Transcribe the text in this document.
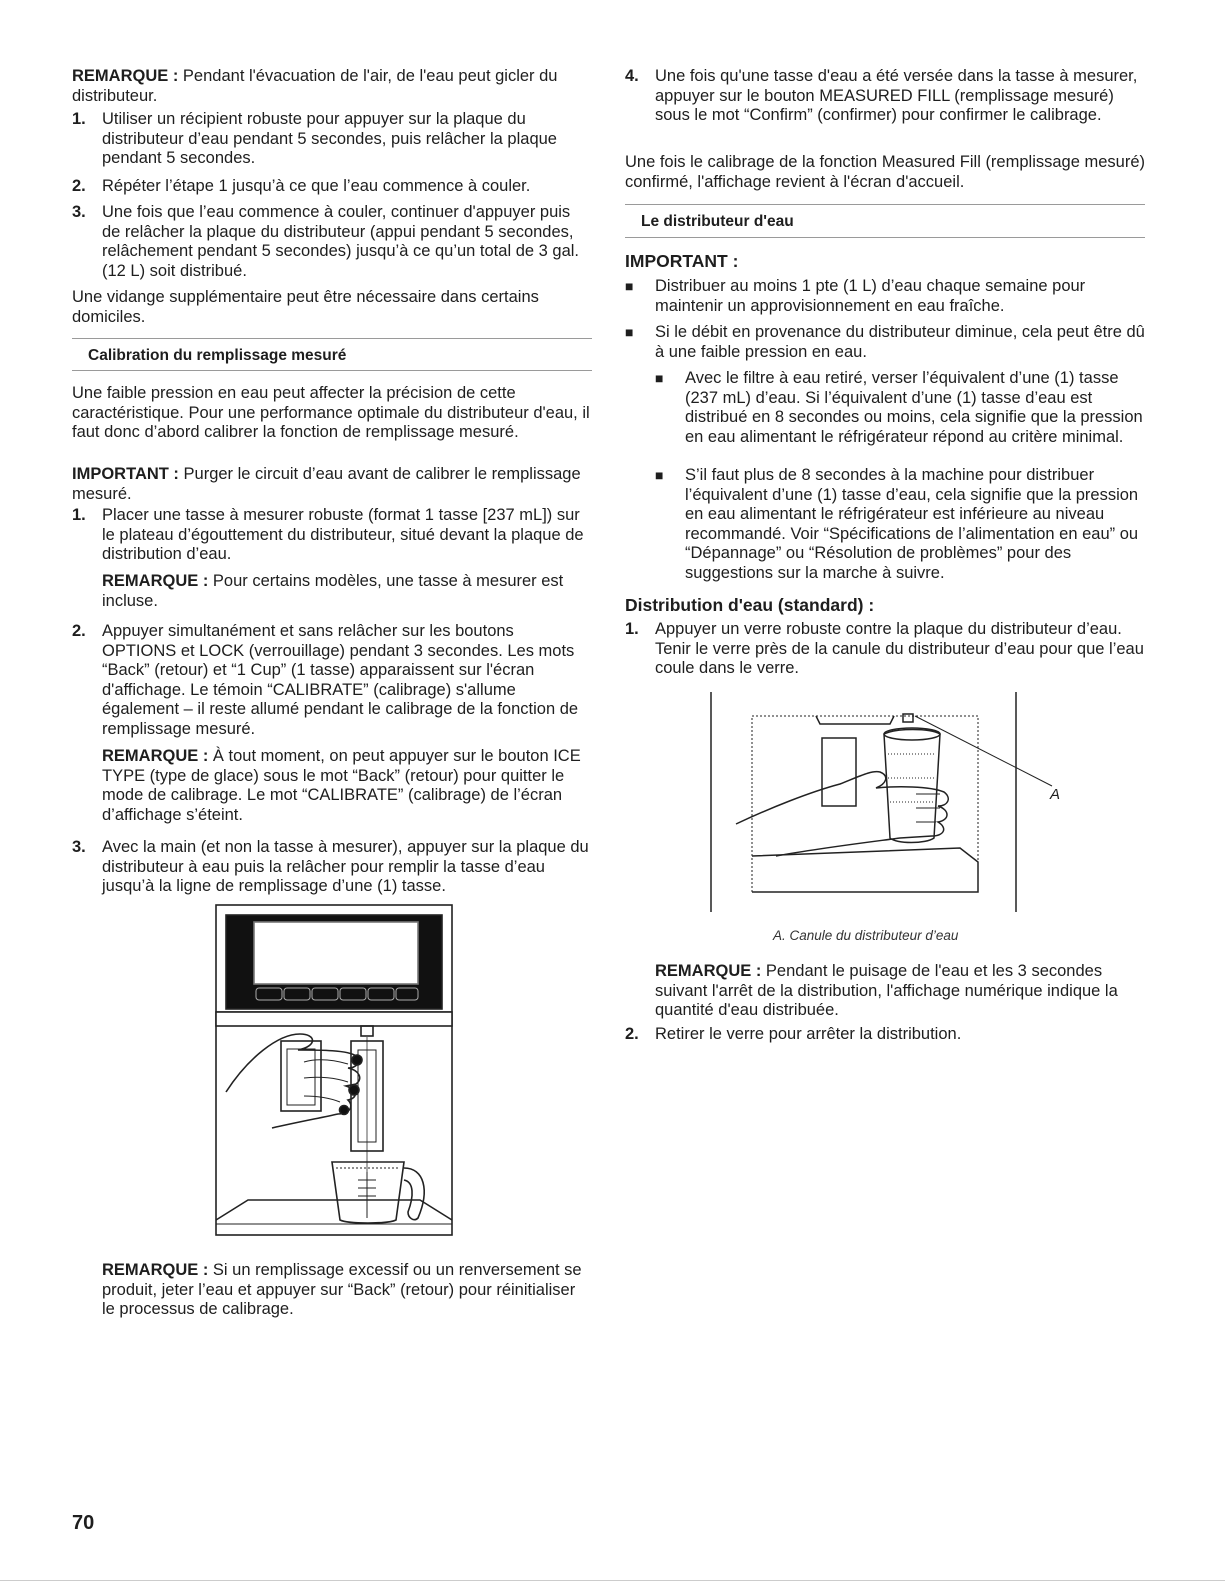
REMARQUE : Pendant l'évacuation de l'air, de l'eau peut gicler du distributeur.

1. Utiliser un récipient robuste pour appuyer sur la plaque du distributeur d’eau pendant 5 secondes, puis relâcher la plaque pendant 5 secondes.
2. Répéter l’étape 1 jusqu’à ce que l’eau commence à couler.
3. Une fois que l’eau commence à couler, continuer d'appuyer puis de relâcher la plaque du distributeur (appui pendant 5 secondes, relâchement pendant 5 secondes) jusqu’à ce qu’un total de 3 gal. (12 L) soit distribué.

Une vidange supplémentaire peut être nécessaire dans certains domiciles.

Calibration du remplissage mesuré

Une faible pression en eau peut affecter la précision de cette caractéristique. Pour une performance optimale du distributeur d'eau, il faut donc d’abord calibrer la fonction de remplissage mesuré.

IMPORTANT : Purger le circuit d’eau avant de calibrer le remplissage mesuré.

1. Placer une tasse à mesurer robuste (format 1 tasse [237 mL]) sur le plateau d’égouttement du distributeur, situé devant la plaque de distribution d’eau.

REMARQUE : Pour certains modèles, une tasse à mesurer est incluse.

2. Appuyer simultanément et sans relâcher sur les boutons OPTIONS et LOCK (verrouillage) pendant 3 secondes. Les mots “Back” (retour) et “1 Cup” (1 tasse) apparaissent sur l'écran d'affichage. Le témoin “CALIBRATE” (calibrage) s'allume également – il reste allumé pendant le calibrage de la fonction de remplissage mesuré.

REMARQUE : À tout moment, on peut appuyer sur le bouton ICE TYPE (type de glace) sous le mot “Back” (retour) pour quitter le mode de calibrage. Le mot “CALIBRATE” (calibrage) de l’écran d’affichage s’éteint.

3. Avec la main (et non la tasse à mesurer), appuyer sur la plaque du distributeur à eau puis la relâcher pour remplir la tasse d’eau jusqu’à la ligne de remplissage d’une (1) tasse.

REMARQUE : Si un remplissage excessif ou un renversement se produit, jeter l’eau et appuyer sur “Back” (retour) pour réinitialiser le processus de calibrage.

4. Une fois qu'une tasse d'eau a été versée dans la tasse à mesurer, appuyer sur le bouton MEASURED FILL (remplissage mesuré) sous le mot “Confirm” (confirmer) pour confirmer le calibrage.

Une fois le calibrage de la fonction Measured Fill (remplissage mesuré) confirmé, l'affichage revient à l'écran d'accueil.

Le distributeur d'eau
IMPORTANT :
■	Distribuer au moins 1 pte (1 L) d’eau chaque semaine pour maintenir un approvisionnement en eau fraîche.
■	Si le débit en provenance du distributeur diminue, cela peut être dû à une faible pression en eau.
■	Avec le filtre à eau retiré, verser l’équivalent d’une (1) tasse (237 mL) d’eau. Si l’équivalent d’une (1) tasse d’eau est distribué en 8 secondes ou moins, cela signifie que la pression en eau alimentant le réfrigérateur répond au critère minimal.
■	S’il faut plus de 8 secondes à la machine pour distribuer l’équivalent d’une (1) tasse d’eau, cela signifie que la pression en eau alimentant le réfrigérateur est inférieure au niveau recommandé. Voir “Spécifications de l’alimentation en eau” ou “Dépannage” ou “Résolution de problèmes” pour des suggestions sur la marche à suivre.
Distribution d'eau (standard) :
1. Appuyer un verre robuste contre la plaque du distributeur d’eau. Tenir le verre près de la canule du distributeur d’eau pour que l’eau coule dans le verre.
A. Canule du distributeur d’eau

REMARQUE : Pendant le puisage de l'eau et les 3 secondes suivant l'arrêt de la distribution, l'affichage numérique indique la quantité d'eau distribuée.

2. Retirer le verre pour arrêter la distribution.
A
70
